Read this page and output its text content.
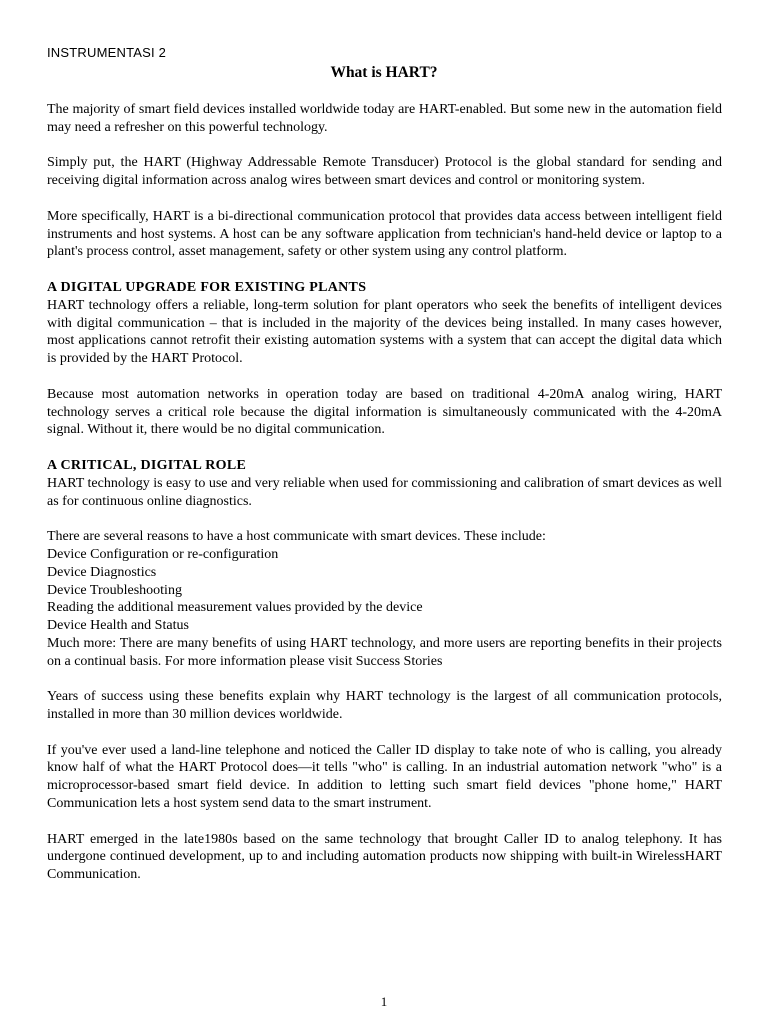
INSTRUMENTASI 2
What is HART?

The majority of smart field devices installed worldwide today are HART-enabled. But some new in the automation field may need a refresher on this powerful technology.

Simply put, the HART (Highway Addressable Remote Transducer) Protocol is the global standard for sending and receiving digital information across analog wires between smart devices and control or monitoring system.

More specifically, HART is a bi-directional communication protocol that provides data access between intelligent field instruments and host systems. A host can be any software application from technician's hand-held device or laptop to a plant's process control, asset management, safety or other system using any control platform.

A DIGITAL UPGRADE FOR EXISTING PLANTS

HART technology offers a reliable, long-term solution for plant operators who seek the benefits of intelligent devices with digital communication – that is included in the majority of the devices being installed. In many cases however, most applications cannot retrofit their existing automation systems with a system that can accept the digital data which is provided by the HART Protocol.

Because most automation networks in operation today are based on traditional 4-20mA analog wiring, HART technology serves a critical role because the digital information is simultaneously communicated with the 4-20mA signal. Without it, there would be no digital communication.

A CRITICAL, DIGITAL ROLE

HART technology is easy to use and very reliable when used for commissioning and calibration of smart devices as well as for continuous online diagnostics.

There are several reasons to have a host communicate with smart devices. These include:

Device Configuration or re-configuration
Device Diagnostics
Device Troubleshooting
Reading the additional measurement values provided by the device
Device Health and Status

Much more: There are many benefits of using HART technology, and more users are reporting benefits in their projects on a continual basis. For more information please visit Success Stories

Years of success using these benefits explain why HART technology is the largest of all communication protocols, installed in more than 30 million devices worldwide.

If you've ever used a land-line telephone and noticed the Caller ID display to take note of who is calling, you already know half of what the HART Protocol does—it tells "who" is calling. In an industrial automation network "who" is a microprocessor-based smart field device. In addition to letting such smart field devices "phone home," HART Communication lets a host system send data to the smart instrument.

HART emerged in the late1980s based on the same technology that brought Caller ID to analog telephony. It has undergone continued development, up to and including automation products now shipping with built-in WirelessHART Communication.

1
